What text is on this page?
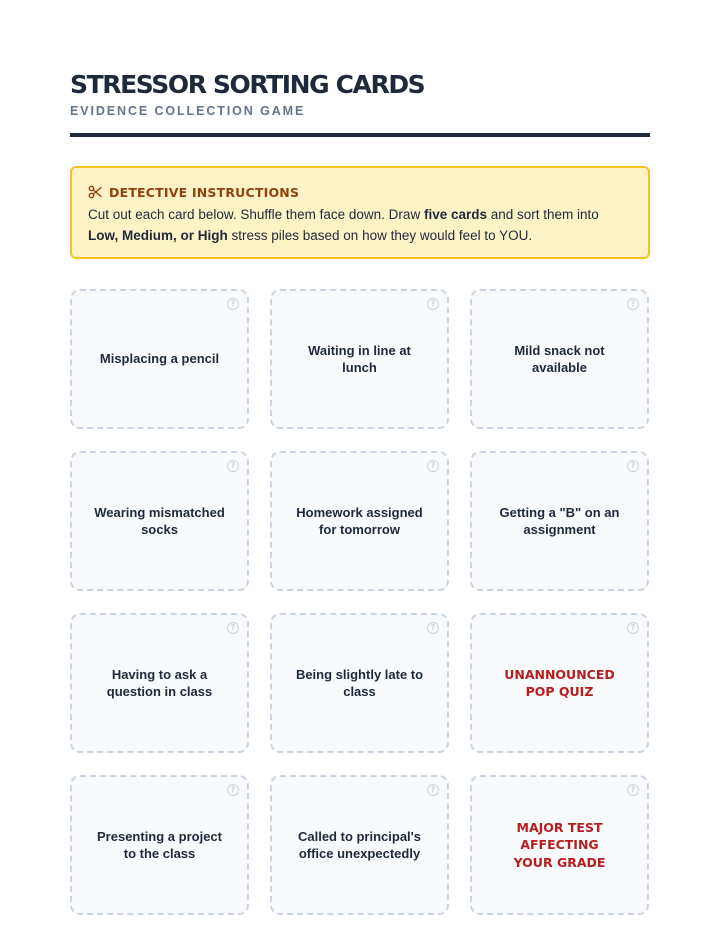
STRESSOR SORTING CARDS
EVIDENCE COLLECTION GAME
DETECTIVE INSTRUCTIONS
Cut out each card below. Shuffle them face down. Draw five cards and sort them into Low, Medium, or High stress piles based on how they would feel to YOU.
?
Misplacing a pencil
?
Waiting in line at lunch
?
Mild snack not available
?
Wearing mismatched socks
?
Homework assigned for tomorrow
?
Getting a "B" on an assignment
?
Having to ask a question in class
?
Being slightly late to class
?
UNANNOUNCED POP QUIZ
?
Presenting a project to the class
?
Called to principal's office unexpectedly
?
MAJOR TEST AFFECTING YOUR GRADE
